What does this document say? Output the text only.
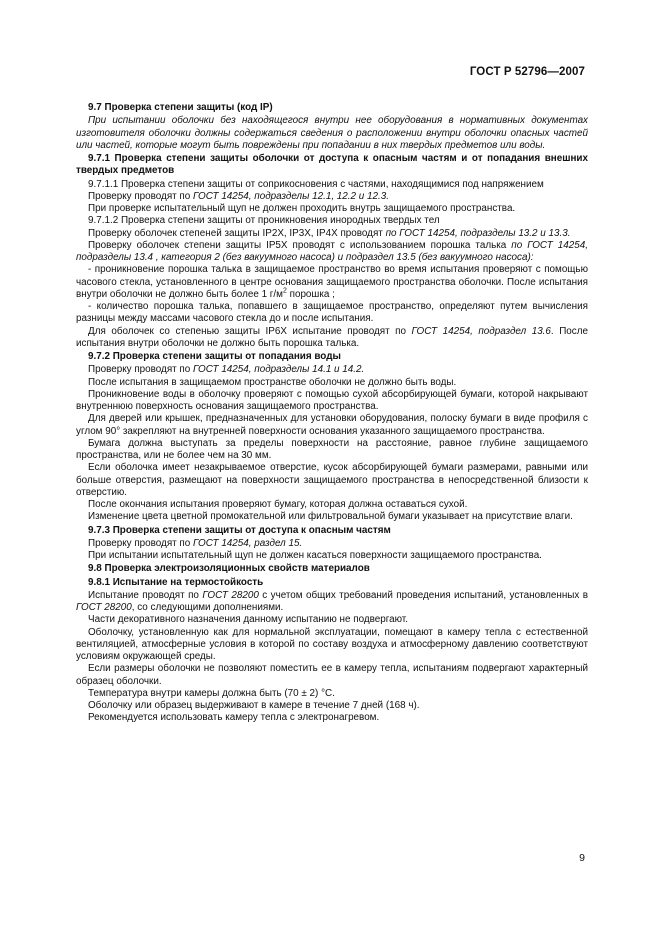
ГОСТ Р 52796—2007
9.7 Проверка степени защиты (код IP)
При испытании оболочки без находящегося внутри нее оборудования в нормативных документах изготовителя оболочки должны содержаться сведения о расположении внутри оболочки опасных частей или частей, которые могут быть повреждены при попадании в них твердых предметов или воды.
9.7.1 Проверка степени защиты оболочки от доступа к опасным частям и от попадания внешних твердых предметов
9.7.1.1 Проверка степени защиты от соприкосновения с частями, находящимися под напряжением
Проверку проводят по ГОСТ 14254, подразделы 12.1, 12.2 и 12.3.
При проверке испытательный щуп не должен проходить внутрь защищаемого пространства.
9.7.1.2 Проверка степени защиты от проникновения инородных твердых тел
Проверку оболочек степеней защиты IP2X, IP3X, IP4X проводят по ГОСТ 14254, подразделы 13.2 и 13.3.
Проверку оболочек степени защиты IP5X проводят с использованием порошка талька по ГОСТ 14254, подразделы 13.4 , категория 2 (без вакуумного насоса) и подраздел 13.5 (без вакуумного насоса):
- проникновение порошка талька в защищаемое пространство во время испытания проверяют с помощью часового стекла, установленного в центре основания защищаемого пространства оболочки. После испытания внутри оболочки не должно быть более 1 $г/м^2$ порошка ;
- количество порошка талька, попавшего в защищаемое пространство, определяют путем вычисления разницы между массами часового стекла до и после испытания.
Для оболочек со степенью защиты IP6X испытание проводят по ГОСТ 14254, подраздел 13.6. После испытания внутри оболочки не должно быть порошка талька.
9.7.2 Проверка степени защиты от попадания воды
Проверку проводят по ГОСТ 14254, подразделы 14.1 и 14.2.
После испытания в защищаемом пространстве оболочки не должно быть воды.
Проникновение воды в оболочку проверяют с помощью сухой абсорбирующей бумаги, которой накрывают внутреннюю поверхность основания защищаемого пространства.
Для дверей или крышек, предназначенных для установки оборудования, полоску бумаги в виде профиля с углом 90° закрепляют на внутренней поверхности основания указанного защищаемого пространства.
Бумага должна выступать за пределы поверхности на расстояние, равное глубине защищаемого пространства, или не более чем на 30 мм.
Если оболочка имеет незакрываемое отверстие, кусок абсорбирующей бумаги размерами, равными или больше отверстия, размещают на поверхности защищаемого пространства в непосредственной близости к отверстию.
После окончания испытания проверяют бумагу, которая должна оставаться сухой.
Изменение цвета цветной промокательной или фильтровальной бумаги указывает на присутствие влаги.
9.7.3 Проверка степени защиты от доступа к опасным частям
Проверку проводят по ГОСТ 14254, раздел 15.
При испытании испытательный щуп не должен касаться поверхности защищаемого пространства.
9.8 Проверка электроизоляционных свойств материалов
9.8.1 Испытание на термостойкость
Испытание проводят по ГОСТ 28200 с учетом общих требований проведения испытаний, установленных в ГОСТ 28200, со следующими дополнениями.
Части декоративного назначения данному испытанию не подвергают.
Оболочку, установленную как для нормальной эксплуатации, помещают в камеру тепла с естественной вентиляцией, атмосферные условия в которой по составу воздуха и атмосферному давлению соответствуют условиям окружающей среды.
Если размеры оболочки не позволяют поместить ее в камеру тепла, испытаниям подвергают характерный образец оболочки.
Температура внутри камеры должна быть (70 ± 2) °С.
Оболочку или образец выдерживают в камере в течение 7 дней (168 ч).
Рекомендуется использовать камеру тепла с электронагревом.
9
